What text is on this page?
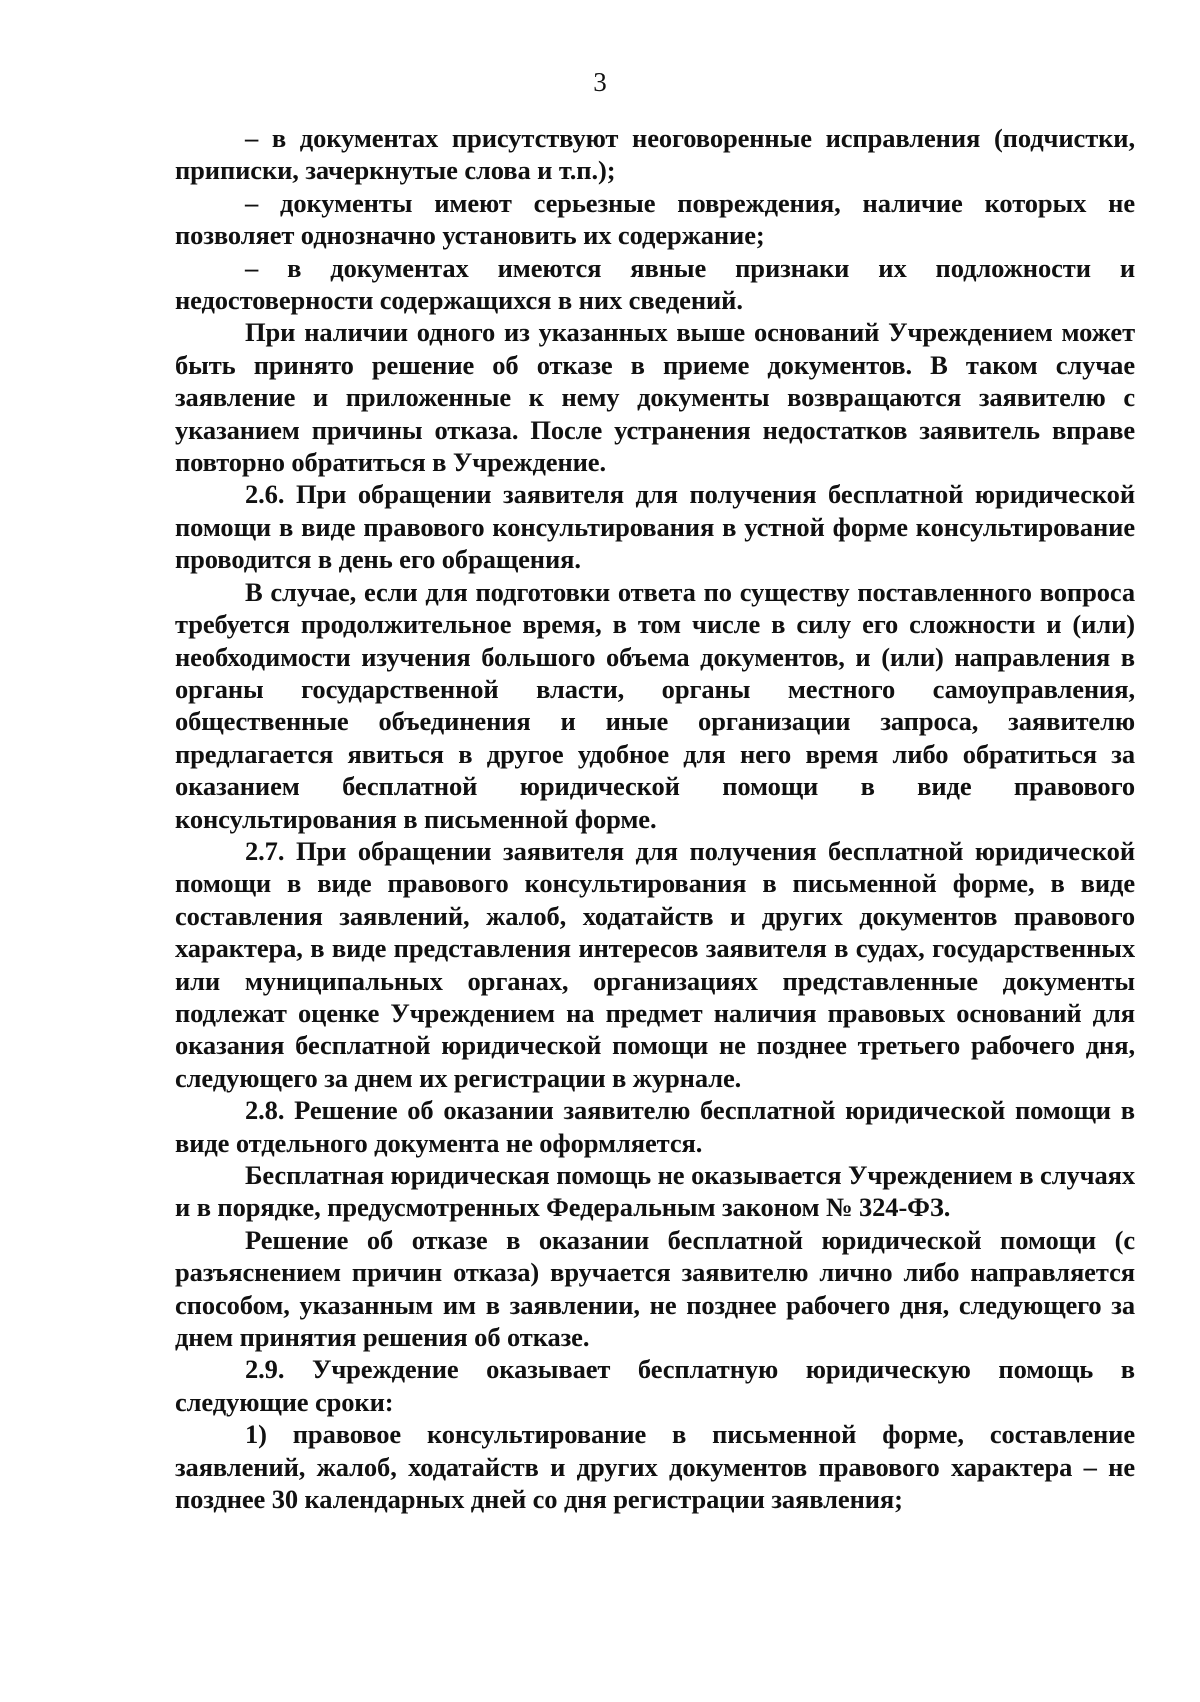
3

– в документах присутствуют неоговоренные исправления (подчистки, приписки, зачеркнутые слова и т.п.);

– документы имеют серьезные повреждения, наличие которых не позволяет однозначно установить их содержание;

– в документах имеются явные признаки их подложности и недостоверности содержащихся в них сведений.

При наличии одного из указанных выше оснований Учреждением может быть принято решение об отказе в приеме документов. В таком случае заявление и приложенные к нему документы возвращаются заявителю с указанием причины отказа. После устранения недостатков заявитель вправе повторно обратиться в Учреждение.

2.6. При обращении заявителя для получения бесплатной юридической помощи в виде правового консультирования в устной форме консультирование проводится в день его обращения.

В случае, если для подготовки ответа по существу поставленного вопроса требуется продолжительное время, в том числе в силу его сложности и (или) необходимости изучения большого объема документов, и (или) направления в органы государственной власти, органы местного самоуправления, общественные объединения и иные организации запроса, заявителю предлагается явиться в другое удобное для него время либо обратиться за оказанием бесплатной юридической помощи в виде правового консультирования в письменной форме.

2.7. При обращении заявителя для получения бесплатной юридической помощи в виде правового консультирования в письменной форме, в виде составления заявлений, жалоб, ходатайств и других документов правового характера, в виде представления интересов заявителя в судах, государственных или муниципальных органах, организациях представленные документы подлежат оценке Учреждением на предмет наличия правовых оснований для оказания бесплатной юридической помощи не позднее третьего рабочего дня, следующего за днем их регистрации в журнале.

2.8. Решение об оказании заявителю бесплатной юридической помощи в виде отдельного документа не оформляется.

Бесплатная юридическая помощь не оказывается Учреждением в случаях и в порядке, предусмотренных Федеральным законом № 324-ФЗ.

Решение об отказе в оказании бесплатной юридической помощи (с разъяснением причин отказа) вручается заявителю лично либо направляется способом, указанным им в заявлении, не позднее рабочего дня, следующего за днем принятия решения об отказе.

2.9. Учреждение оказывает бесплатную юридическую помощь в следующие сроки:

1) правовое консультирование в письменной форме, составление заявлений, жалоб, ходатайств и других документов правового характера – не позднее 30 календарных дней со дня регистрации заявления;
